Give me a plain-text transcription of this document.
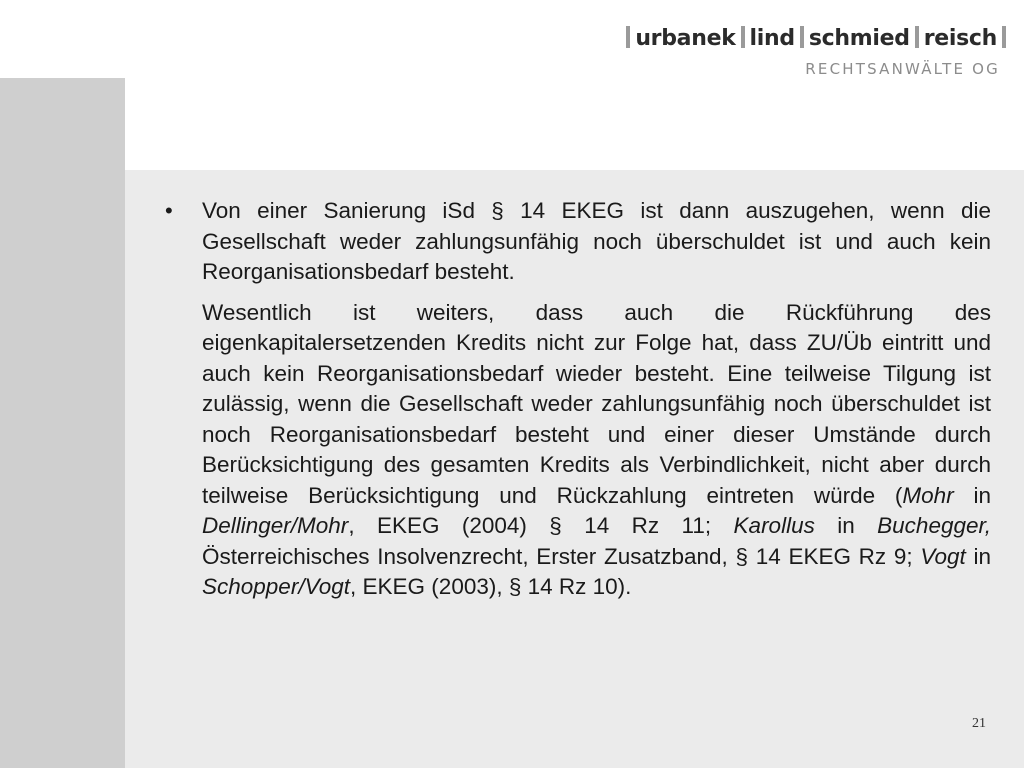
urbanek lind schmied reisch
RECHTSANWÄLTE OG
• Von einer Sanierung iSd § 14 EKEG ist dann auszugehen, wenn die Gesellschaft weder zahlungsunfähig noch überschuldet ist und auch kein Reorganisationsbedarf besteht.

Wesentlich ist weiters, dass auch die Rückführung des eigenkapitalersetzenden Kredits nicht zur Folge hat, dass ZU/Üb eintritt und auch kein Reorganisationsbedarf wieder besteht. Eine teilweise Tilgung ist zulässig, wenn die Gesellschaft weder zahlungsunfähig noch überschuldet ist noch Reorganisationsbedarf besteht und einer dieser Umstände durch Berücksichtigung des gesamten Kredits als Verbindlichkeit, nicht aber durch teilweise Berücksichtigung und Rückzahlung eintreten würde (Mohr in Dellinger/Mohr, EKEG (2004) § 14 Rz 11; Karollus in Buchegger, Österreichisches Insolvenzrecht, Erster Zusatzband, § 14 EKEG Rz 9; Vogt in Schopper/Vogt, EKEG (2003), § 14 Rz 10).
21
